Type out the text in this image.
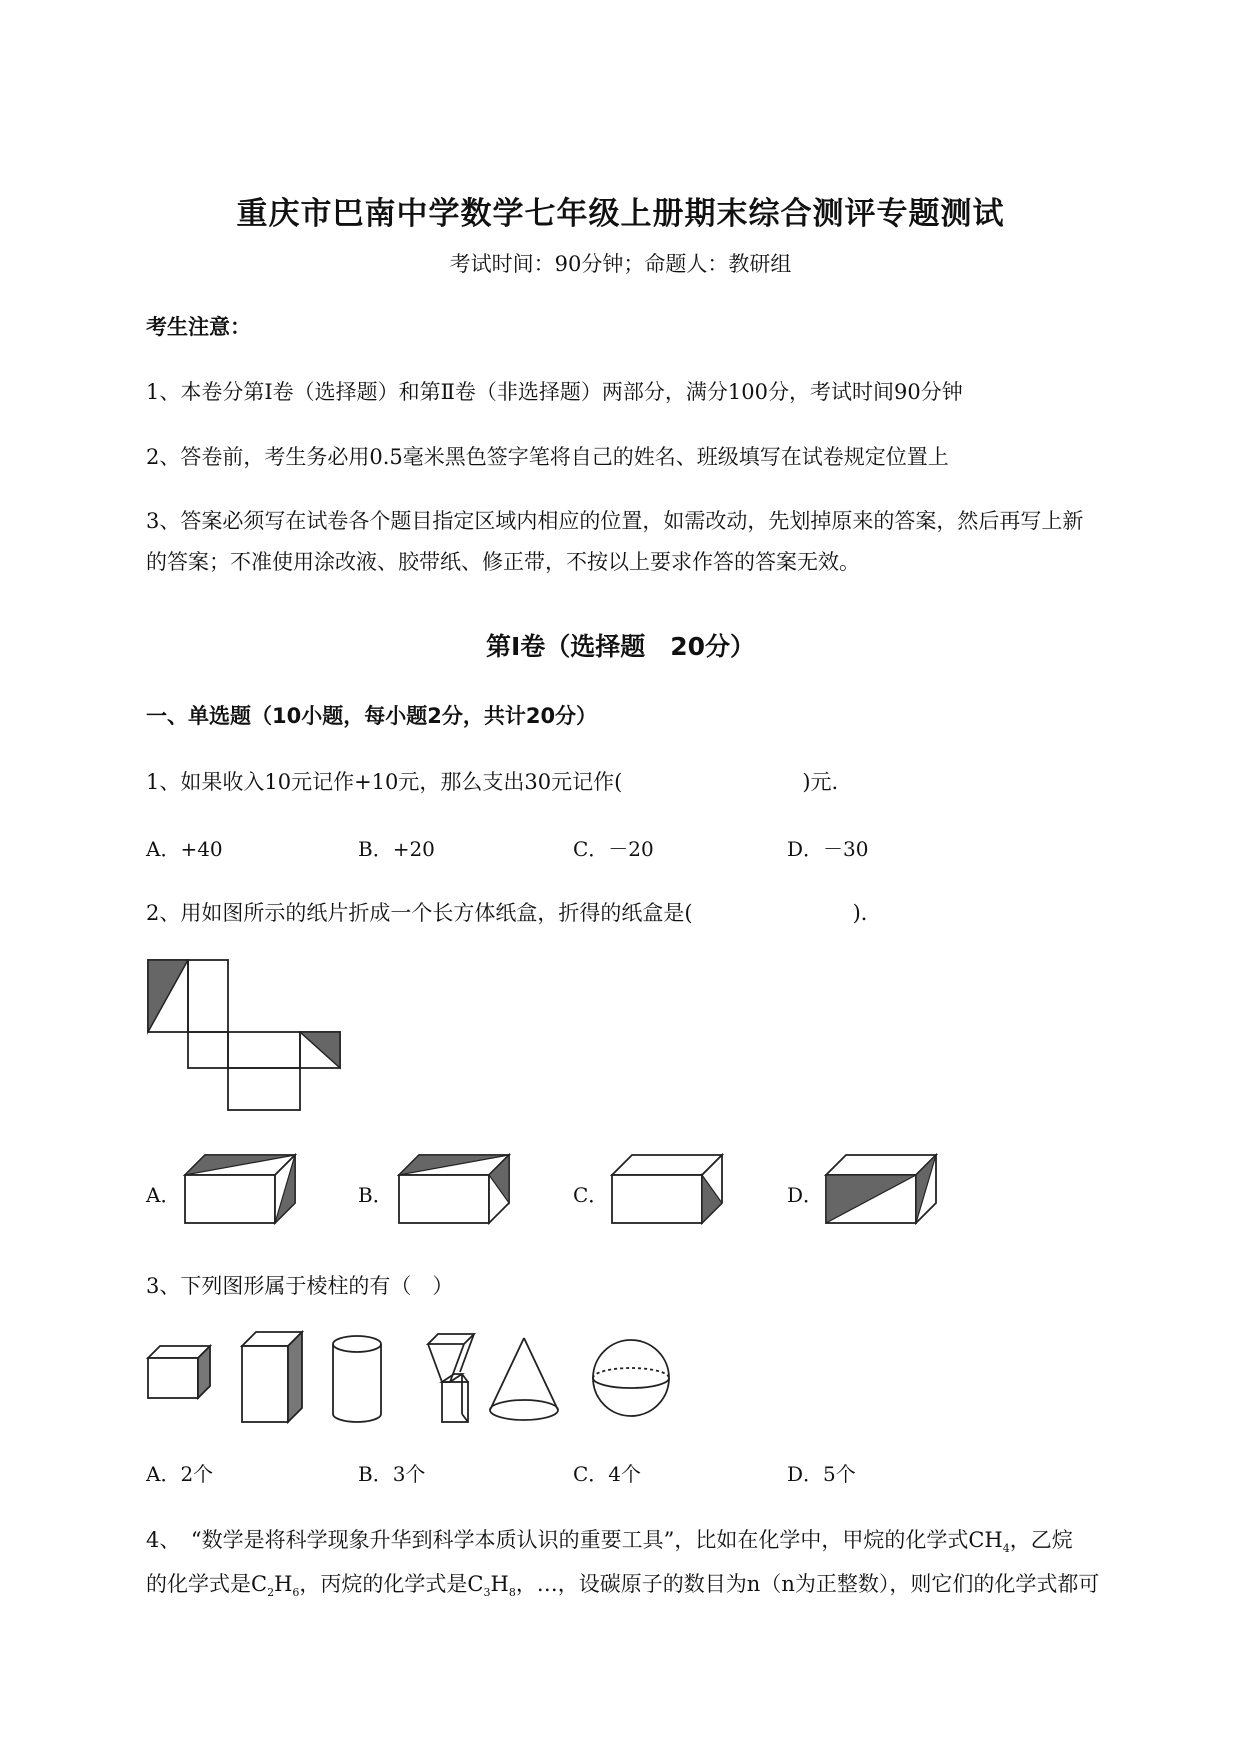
重庆市巴南中学数学七年级上册期末综合测评专题测试
考试时间：90分钟；命题人：教研组
考生注意：
1、本卷分第Ⅰ卷（选择题）和第Ⅱ卷（非选择题）两部分，满分100分，考试时间90分钟
2、答卷前，考生务必用0.5毫米黑色签字笔将自己的姓名、班级填写在试卷规定位置上
3、答案必须写在试卷各个题目指定区域内相应的位置，如需改动，先划掉原来的答案，然后再写上新
的答案；不准使用涂改液、胶带纸、修正带，不按以上要求作答的答案无效。
第Ⅰ卷（选择题　20分）
一、单选题（10小题，每小题2分，共计20分）
1、如果收入10元记作+10元，那么支出30元记作(	)元.
A．+40	B．+20	C．－20	D．－30
2、用如图所示的纸片折成一个长方体纸盒，折得的纸盒是(	)．
A．	B．	C．	D．
3、下列图形属于棱柱的有（　）
A．2个	B．3个	C．4个	D．5个
4、　“数学是将科学现象升华到科学本质认识的重要工具”，比如在化学中，甲烷的化学式$CH_4$，乙烷
的化学式是$C_2H_6$，丙烷的化学式是$C_3H_8$，…，设碳原子的数目为n（n为正整数），则它们的化学式都可
